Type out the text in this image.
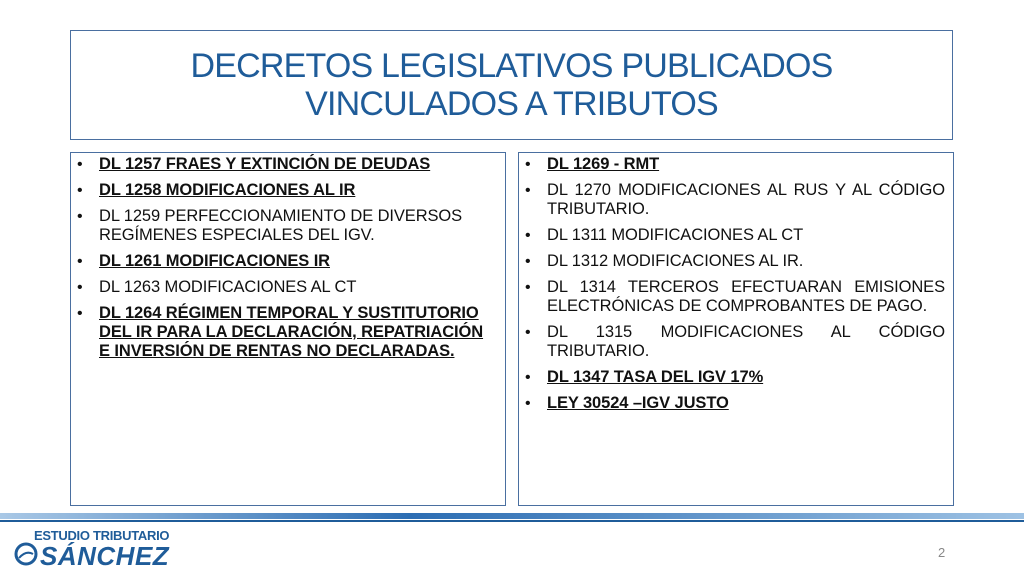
DECRETOS LEGISLATIVOS PUBLICADOS
VINCULADOS A TRIBUTOS
• DL 1257 FRAES Y EXTINCIÓN DE DEUDAS
• DL 1258 MODIFICACIONES AL IR
• DL 1259 PERFECCIONAMIENTO DE DIVERSOS REGÍMENES ESPECIALES DEL IGV.
• DL 1261 MODIFICACIONES IR
• DL 1263 MODIFICACIONES AL CT
• DL 1264 RÉGIMEN TEMPORAL Y SUSTITUTORIO DEL IR PARA LA DECLARACIÓN, REPATRIACIÓN E INVERSIÓN DE RENTAS NO DECLARADAS.
• DL 1269 - RMT
• DL 1270 MODIFICACIONES AL RUS Y AL CÓDIGO TRIBUTARIO.
• DL 1311 MODIFICACIONES AL CT
• DL 1312 MODIFICACIONES AL IR.
• DL 1314 TERCEROS EFECTUARAN EMISIONES ELECTRÓNICAS DE COMPROBANTES DE PAGO.
• DL 1315 MODIFICACIONES AL CÓDIGO TRIBUTARIO.
• DL 1347 TASA DEL IGV 17%
• LEY 30524 –IGV JUSTO
ESTUDIO TRIBUTARIO
SÁNCHEZ	2
